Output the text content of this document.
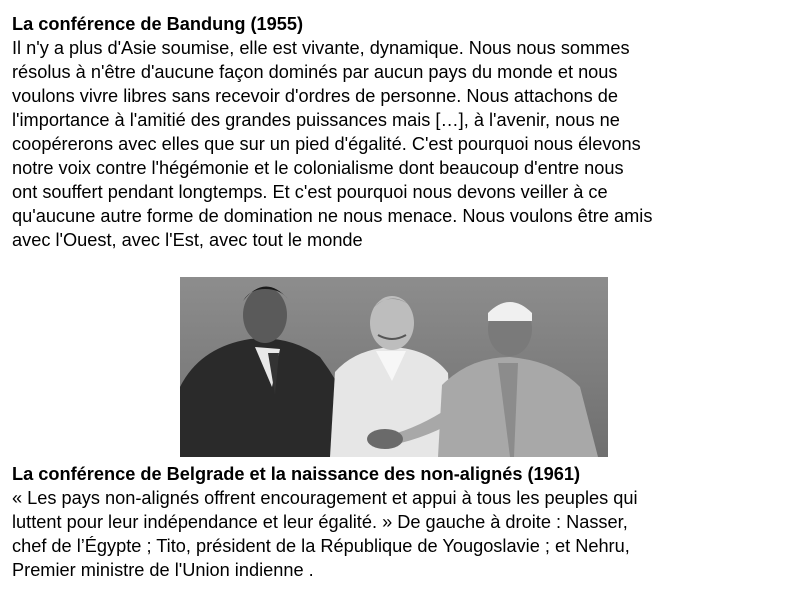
La conférence de Bandung (1955)
Il n'y a plus d'Asie soumise, elle est vivante, dynamique. Nous nous sommes
résolus à n'être d'aucune façon dominés par aucun pays du monde et nous
voulons vivre libres sans recevoir d'ordres de personne. Nous attachons de
l'importance à l'amitié des grandes puissances mais […], à l'avenir, nous ne
coopérerons avec elles que sur un pied d'égalité. C'est pourquoi nous élevons
notre voix contre l'hégémonie et le colonialisme dont beaucoup d'entre nous
ont souffert pendant longtemps. Et c'est pourquoi nous devons veiller à ce
qu'aucune autre forme de domination ne nous menace. Nous voulons être amis
avec l'Ouest, avec l'Est, avec tout le monde
La conférence de Belgrade et la naissance des non-alignés (1961)
« Les pays non-alignés offrent encouragement et appui à tous les peuples qui
luttent pour leur indépendance et leur égalité. » De gauche à droite : Nasser,
chef de l’Égypte ; Tito, président de la République de Yougoslavie ; et Nehru,
Premier ministre de l'Union indienne .
